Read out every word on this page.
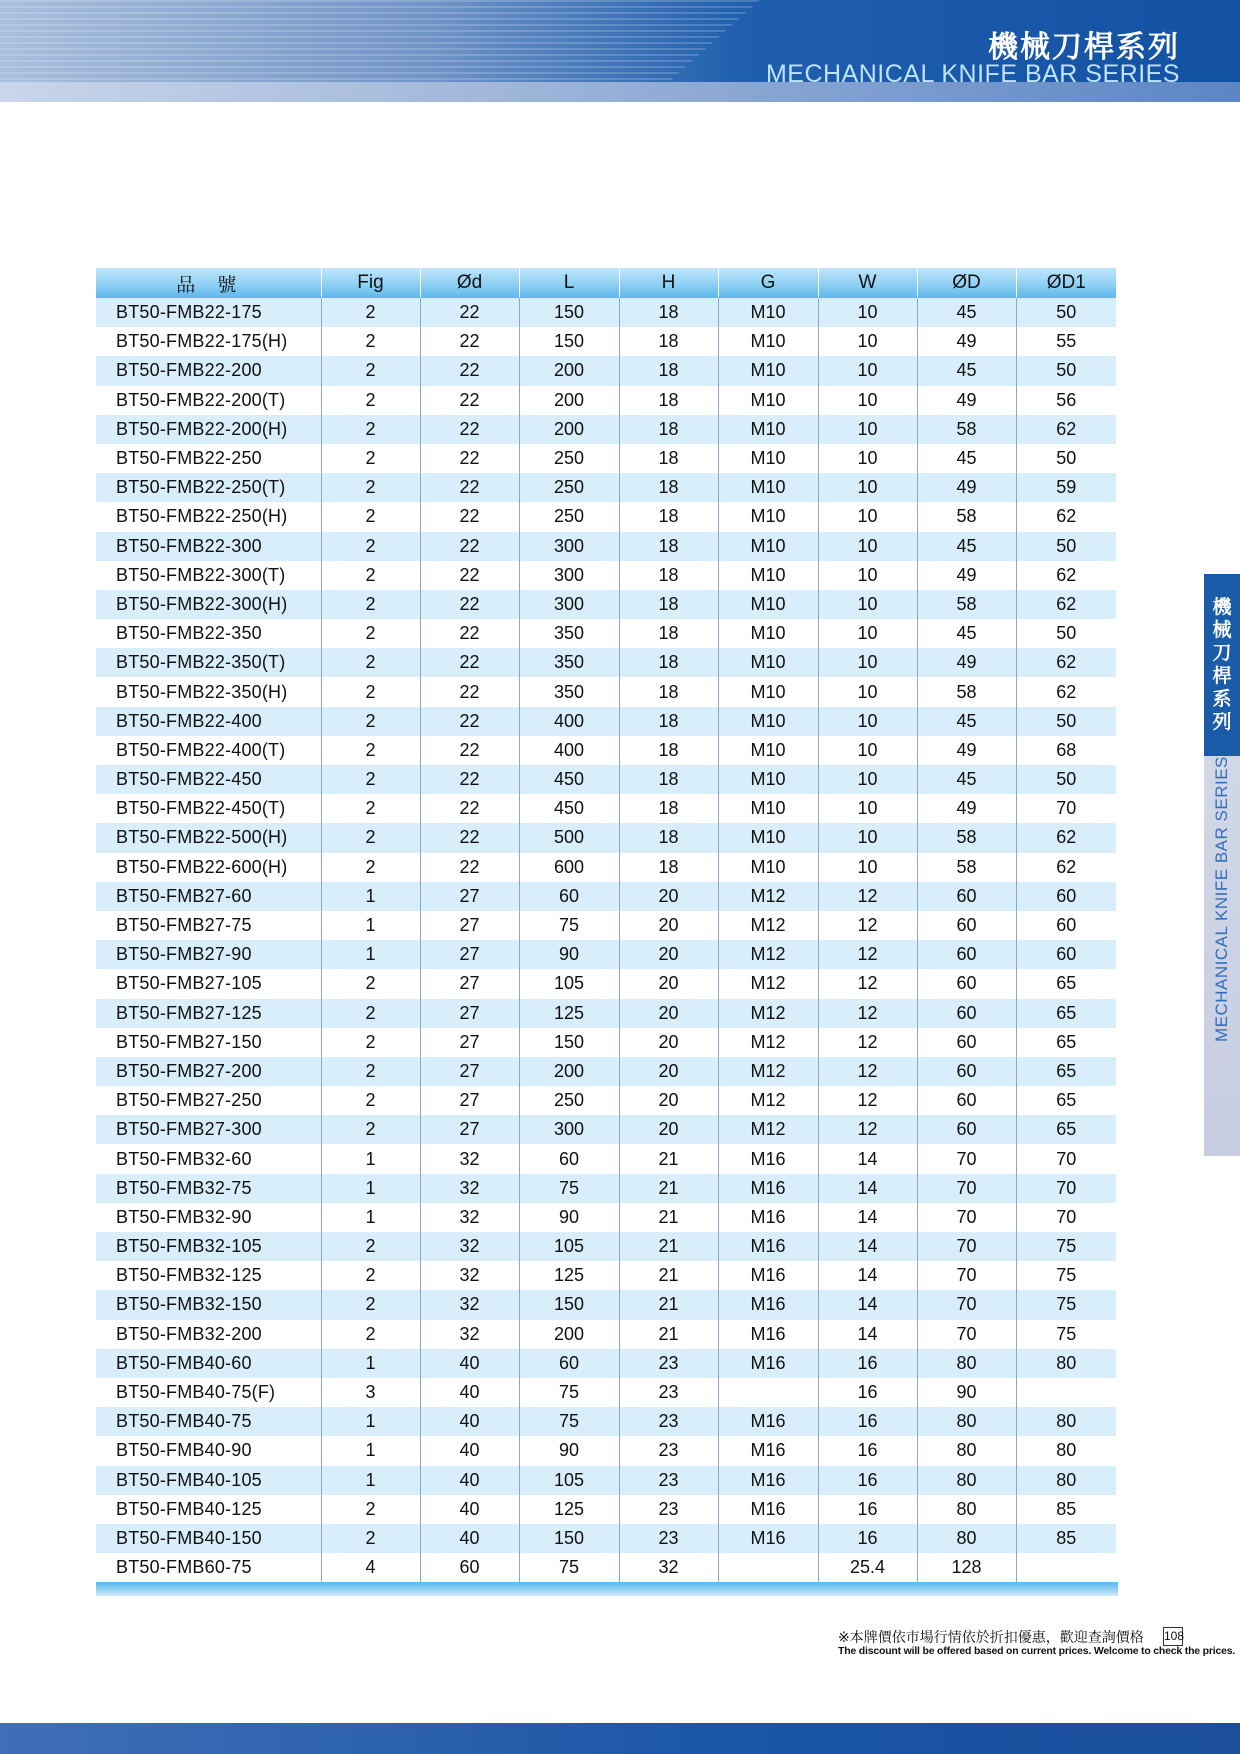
機械刀桿系列
MECHANICAL KNIFE BAR SERIES
機
械
刀
桿
系
列
MECHANICAL KNIFE BAR SERIES
品號	Fig	Ød	L	H	G	W	ØD	ØD1
BT50-FMB22-175	2	22	150	18	M10	10	45	50
BT50-FMB22-175(H)	2	22	150	18	M10	10	49	55
BT50-FMB22-200	2	22	200	18	M10	10	45	50
BT50-FMB22-200(T)	2	22	200	18	M10	10	49	56
BT50-FMB22-200(H)	2	22	200	18	M10	10	58	62
BT50-FMB22-250	2	22	250	18	M10	10	45	50
BT50-FMB22-250(T)	2	22	250	18	M10	10	49	59
BT50-FMB22-250(H)	2	22	250	18	M10	10	58	62
BT50-FMB22-300	2	22	300	18	M10	10	45	50
BT50-FMB22-300(T)	2	22	300	18	M10	10	49	62
BT50-FMB22-300(H)	2	22	300	18	M10	10	58	62
BT50-FMB22-350	2	22	350	18	M10	10	45	50
BT50-FMB22-350(T)	2	22	350	18	M10	10	49	62
BT50-FMB22-350(H)	2	22	350	18	M10	10	58	62
BT50-FMB22-400	2	22	400	18	M10	10	45	50
BT50-FMB22-400(T)	2	22	400	18	M10	10	49	68
BT50-FMB22-450	2	22	450	18	M10	10	45	50
BT50-FMB22-450(T)	2	22	450	18	M10	10	49	70
BT50-FMB22-500(H)	2	22	500	18	M10	10	58	62
BT50-FMB22-600(H)	2	22	600	18	M10	10	58	62
BT50-FMB27-60	1	27	60	20	M12	12	60	60
BT50-FMB27-75	1	27	75	20	M12	12	60	60
BT50-FMB27-90	1	27	90	20	M12	12	60	60
BT50-FMB27-105	2	27	105	20	M12	12	60	65
BT50-FMB27-125	2	27	125	20	M12	12	60	65
BT50-FMB27-150	2	27	150	20	M12	12	60	65
BT50-FMB27-200	2	27	200	20	M12	12	60	65
BT50-FMB27-250	2	27	250	20	M12	12	60	65
BT50-FMB27-300	2	27	300	20	M12	12	60	65
BT50-FMB32-60	1	32	60	21	M16	14	70	70
BT50-FMB32-75	1	32	75	21	M16	14	70	70
BT50-FMB32-90	1	32	90	21	M16	14	70	70
BT50-FMB32-105	2	32	105	21	M16	14	70	75
BT50-FMB32-125	2	32	125	21	M16	14	70	75
BT50-FMB32-150	2	32	150	21	M16	14	70	75
BT50-FMB32-200	2	32	200	21	M16	14	70	75
BT50-FMB40-60	1	40	60	23	M16	16	80	80
BT50-FMB40-75(F)	3	40	75	23		16	90	
BT50-FMB40-75	1	40	75	23	M16	16	80	80
BT50-FMB40-90	1	40	90	23	M16	16	80	80
BT50-FMB40-105	1	40	105	23	M16	16	80	80
BT50-FMB40-125	2	40	125	23	M16	16	80	85
BT50-FMB40-150	2	40	150	23	M16	16	80	85
BT50-FMB60-75	4	60	75	32		25.4	128	
※本牌價依市場行情依於折扣優惠，歡迎查詢價格
The discount will be offered based on current prices. Welcome to check the prices.
108
